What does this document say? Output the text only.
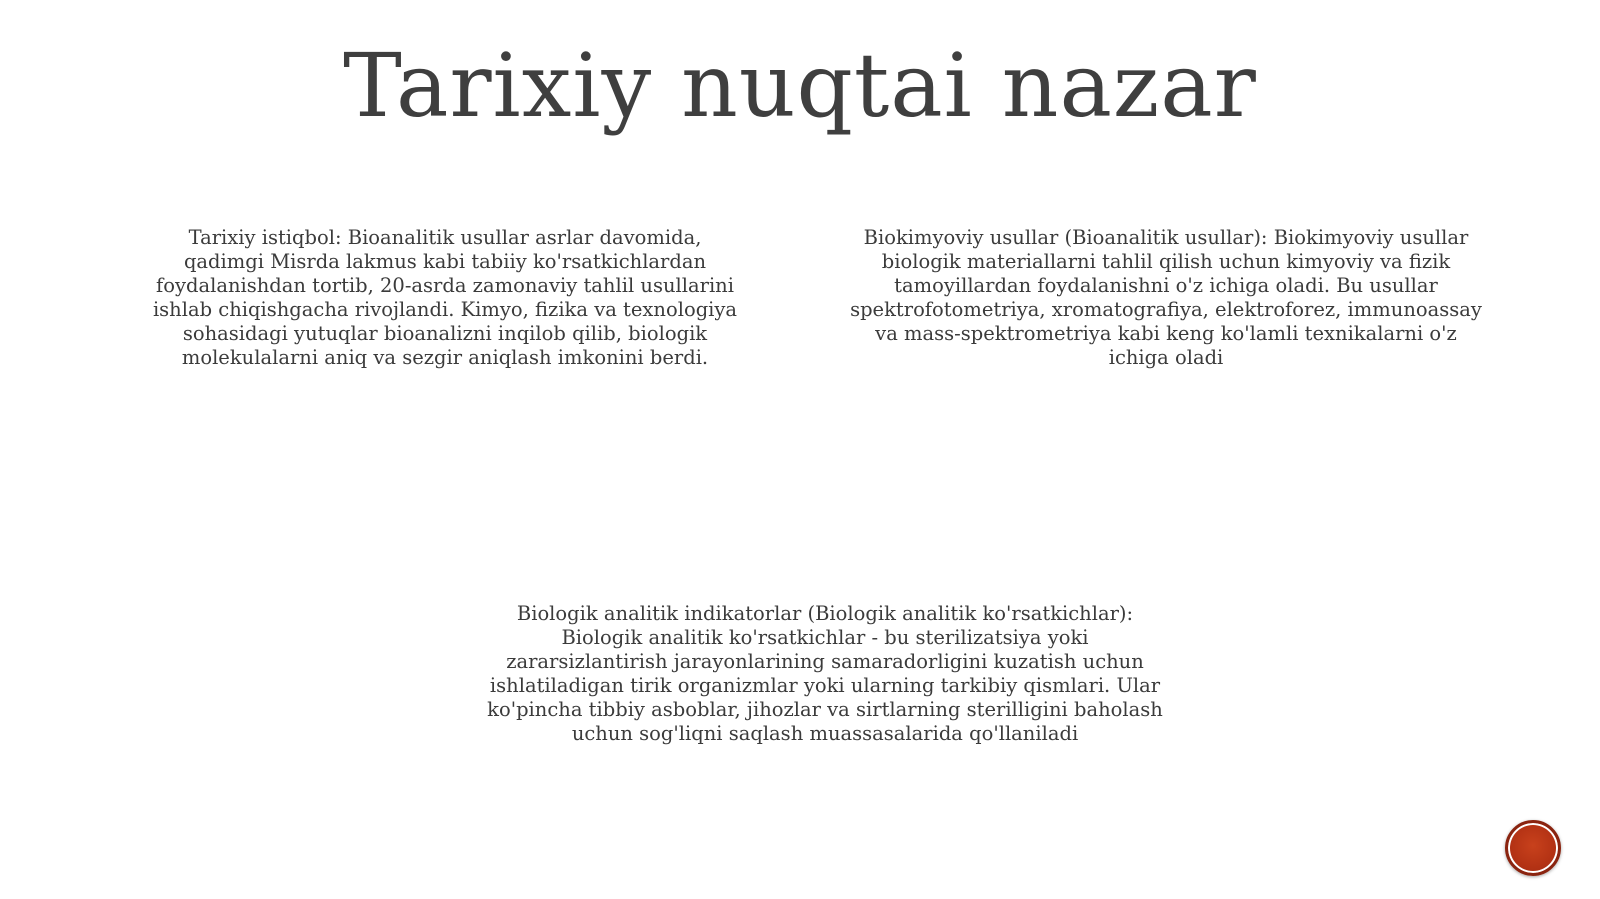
Tarixiy nuqtai nazar
Tarixiy istiqbol: Bioanalitik usullar asrlar davomida, qadimgi Misrda lakmus kabi tabiiy ko'rsatkichlardan foydalanishdan tortib, 20-asrda zamonaviy tahlil usullarini ishlab chiqishgacha rivojlandi. Kimyo, fizika va texnologiya sohasidagi yutuqlar bioanalizni inqilob qilib, biologik molekulalarni aniq va sezgir aniqlash imkonini berdi.
Biokimyoviy usullar (Bioanalitik usullar): Biokimyoviy usullar biologik materiallarni tahlil qilish uchun kimyoviy va fizik tamoyillardan foydalanishni o'z ichiga oladi. Bu usullar spektrofotometriya, xromatografiya, elektroforez, immunoassay va mass-spektrometriya kabi keng ko'lamli texnikalarni o'z ichiga oladi
Biologik analitik indikatorlar (Biologik analitik ko'rsatkichlar): Biologik analitik ko'rsatkichlar - bu sterilizatsiya yoki zararsizlantirish jarayonlarining samaradorligini kuzatish uchun ishlatiladigan tirik organizmlar yoki ularning tarkibiy qismlari. Ular ko'pincha tibbiy asboblar, jihozlar va sirtlarning sterilligini baholash uchun sog'liqni saqlash muassasalarida qo'llaniladi
